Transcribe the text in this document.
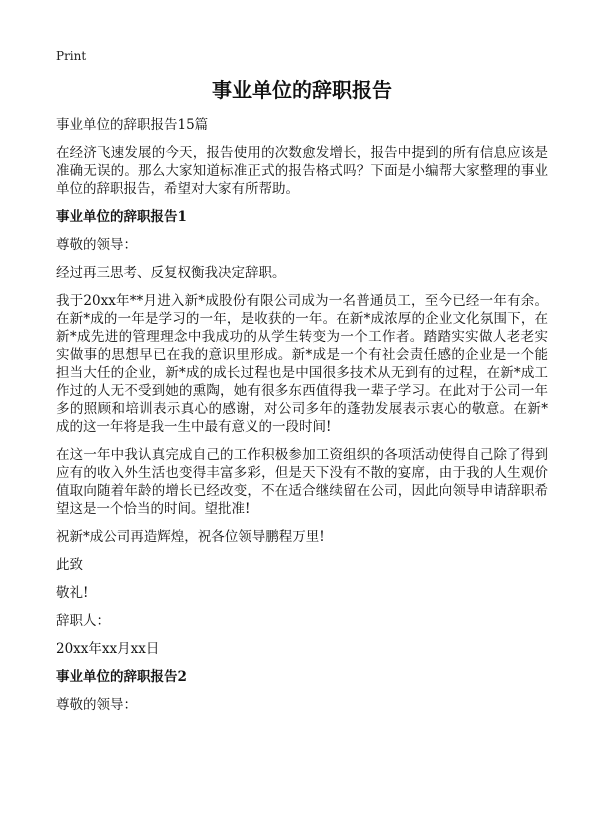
Print
事业单位的辞职报告
事业单位的辞职报告15篇
在经济飞速发展的今天，报告使用的次数愈发增长，报告中提到的所有信息应该是准确无误的。那么大家知道标准正式的报告格式吗？下面是小编帮大家整理的事业单位的辞职报告，希望对大家有所帮助。
事业单位的辞职报告1
尊敬的领导：
经过再三思考、反复权衡我决定辞职。
我于20xx年**月进入新*成股份有限公司成为一名普通员工，至今已经一年有余。在新*成的一年是学习的一年，是收获的一年。在新*成浓厚的企业文化氛围下，在新*成先进的管理理念中我成功的从学生转变为一个工作者。踏踏实实做人老老实实做事的思想早已在我的意识里形成。新*成是一个有社会责任感的企业是一个能担当大任的企业，新*成的成长过程也是中国很多技术从无到有的过程，在新*成工作过的人无不受到她的熏陶，她有很多东西值得我一辈子学习。在此对于公司一年多的照顾和培训表示真心的感谢，对公司多年的蓬勃发展表示衷心的敬意。在新*成的这一年将是我一生中最有意义的一段时间!
在这一年中我认真完成自己的工作积极参加工资组织的各项活动使得自己除了得到应有的收入外生活也变得丰富多彩，但是天下没有不散的宴席，由于我的人生观价值取向随着年龄的增长已经改变，不在适合继续留在公司，因此向领导申请辞职希望这是一个恰当的时间。望批准!
祝新*成公司再造辉煌，祝各位领导鹏程万里!
此致
敬礼!
辞职人：
20xx年xx月xx日
事业单位的辞职报告2
尊敬的领导：
